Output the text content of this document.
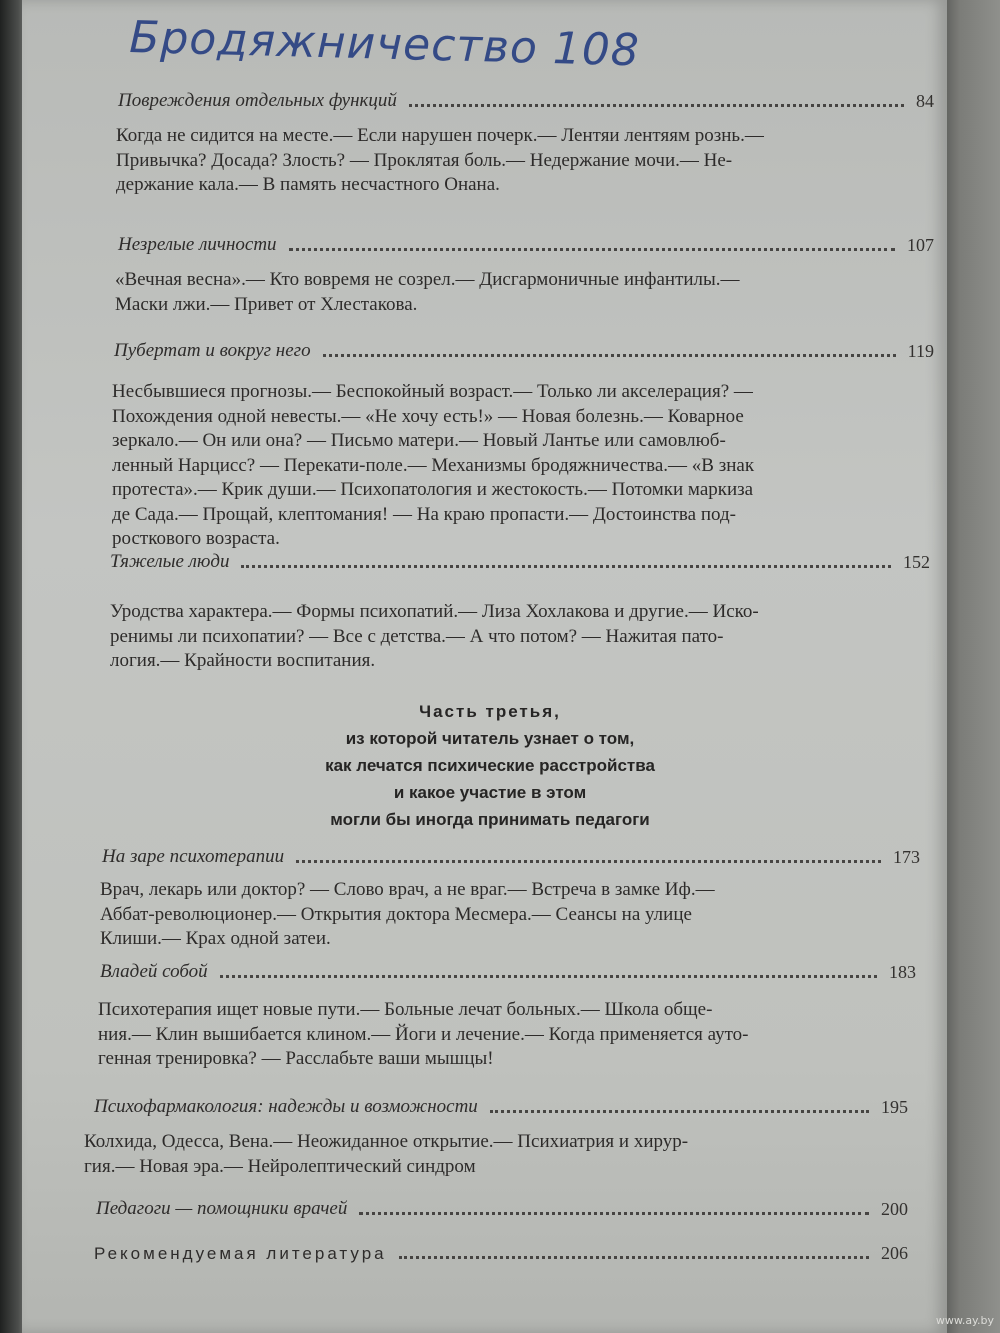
Бродяжничество 108
Повреждения отдельных функций	84

Когда не сидится на месте.— Если нарушен почерк.— Лентяи лентяям рознь.—
Привычка? Досада? Злость? — Проклятая боль.— Недержание мочи.— Не-
держание кала.— В память несчастного Онана.

Незрелые личности	107

«Вечная весна».— Кто вовремя не созрел.— Дисгармоничные инфантилы.—
Маски лжи.— Привет от Хлестакова.

Пубертат и вокруг него	119

Несбывшиеся прогнозы.— Беспокойный возраст.— Только ли акселерация? —
Похождения одной невесты.— «Не хочу есть!» — Новая болезнь.— Коварное
зеркало.— Он или она? — Письмо матери.— Новый Лантье или самовлюб-
ленный Нарцисс? — Перекати-поле.— Механизмы бродяжничества.— «В знак
протеста».— Крик души.— Психопатология и жестокость.— Потомки маркиза
де Сада.— Прощай, клептомания! — На краю пропасти.— Достоинства под-
росткового возраста.

Тяжелые люди	152

Уродства характера.— Формы психопатий.— Лиза Хохлакова и другие.— Иско-
ренимы ли психопатии? — Все с детства.— А что потом? — Нажитая пато-
логия.— Крайности воспитания.

Часть третья,
из которой читатель узнает о том,
как лечатся психические расстройства
и какое участие в этом
могли бы иногда принимать педагоги
На заре психотерапии	173

Врач, лекарь или доктор? — Слово врач, а не враг.— Встреча в замке Иф.—
Аббат-революционер.— Открытия доктора Месмера.— Сеансы на улице
Клиши.— Крах одной затеи.

Владей собой	183

Психотерапия ищет новые пути.— Больные лечат больных.— Школа обще-
ния.— Клин вышибается клином.— Йоги и лечение.— Когда применяется ауто-
генная тренировка? — Расслабьте ваши мышцы!

Психофармакология: надежды и возможности	195

Колхида, Одесса, Вена.— Неожиданное открытие.— Психиатрия и хирур-
гия.— Новая эра.— Нейролептический синдром

Педагоги — помощники врачей	200
Рекомендуемая литература	206
www.ay.by
